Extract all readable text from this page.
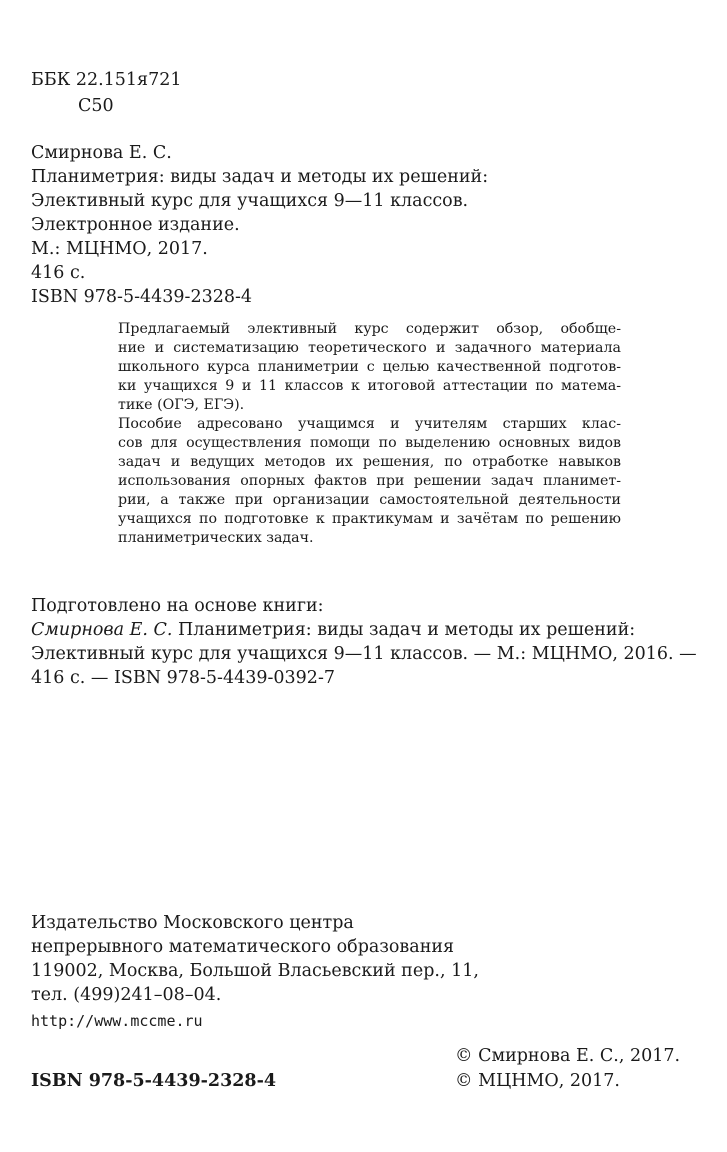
ББК 22.151я721
С50
Смирнова Е. С.
Планиметрия: виды задач и методы их решений:
Элективный курс для учащихся 9—11 классов.
Электронное издание.
М.: МЦНМО, 2017.
416 с.
ISBN 978-5-4439-2328-4
Предлагаемый элективный курс содержит обзор, обобще-
ние и систематизацию теоретического и задачного материала
школьного курса планиметрии с целью качественной подготов-
ки учащихся 9 и 11 классов к итоговой аттестации по матема-
тике (ОГЭ, ЕГЭ).
Пособие адресовано учащимся и учителям старших клас-
сов для осуществления помощи по выделению основных видов
задач и ведущих методов их решения, по отработке навыков
использования опорных фактов при решении задач планимет-
рии, а также при организации самостоятельной деятельности
учащихся по подготовке к практикумам и зачётам по решению
планиметрических задач.
Подготовлено на основе книги:
Смирнова Е. С. Планиметрия: виды задач и методы их решений:
Элективный курс для учащихся 9—11 классов. — М.: МЦНМО, 2016. —
416 с. — ISBN 978-5-4439-0392-7
Издательство Московского центра
непрерывного математического образования
119002, Москва, Большой Власьевский пер., 11,
тел. (499)241–08–04.
http://www.mccme.ru
© Смирнова Е. С., 2017.
ISBN 978-5-4439-2328-4	© МЦНМО, 2017.
